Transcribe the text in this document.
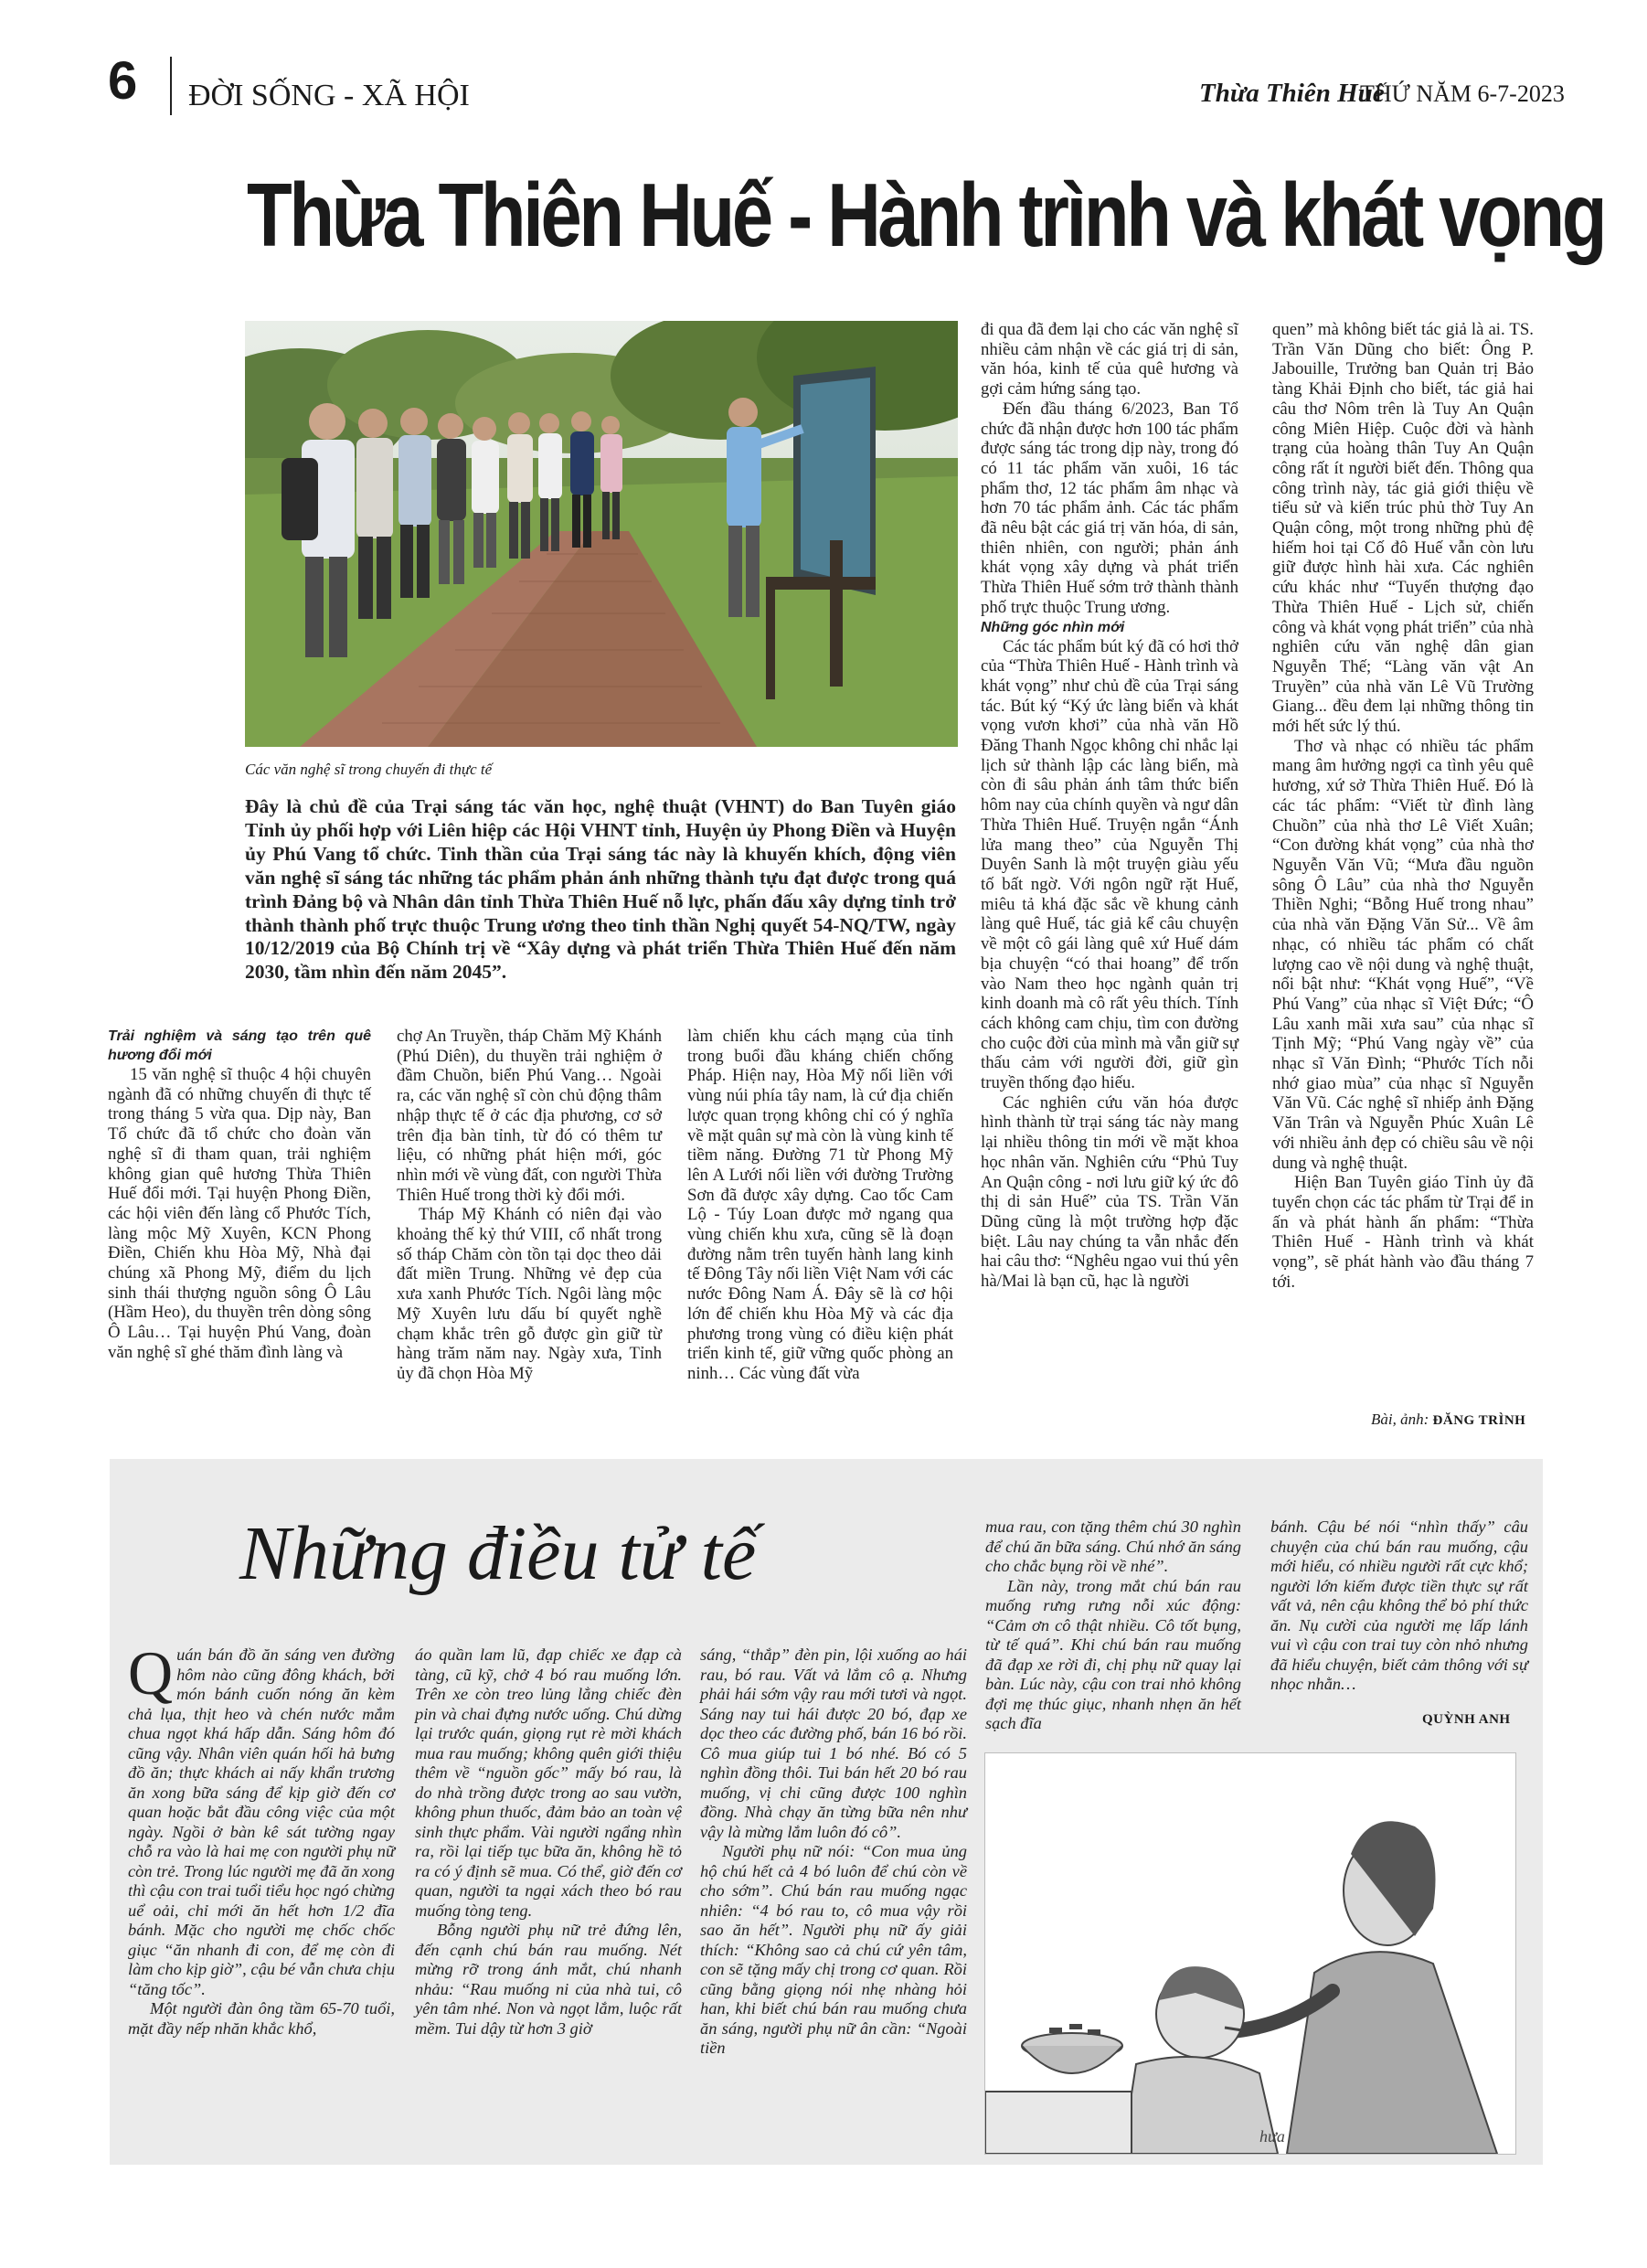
6 ĐỜI SỐNG - XÃ HỘI	Thừa Thiên Huế
THỨ NĂM 6-7-2023
Thừa Thiên Huế - Hành trình và khát vọng
Các văn nghệ sĩ trong chuyến đi thực tế
Đây là chủ đề của Trại sáng tác văn học, nghệ thuật (VHNT) do Ban Tuyên giáo Tỉnh ủy phối hợp với Liên hiệp các Hội VHNT tỉnh, Huyện ủy Phong Điền và Huyện ủy Phú Vang tổ chức. Tinh thần của Trại sáng tác này là khuyến khích, động viên văn nghệ sĩ sáng tác những tác phẩm phản ánh những thành tựu đạt được trong quá trình Đảng bộ và Nhân dân tỉnh Thừa Thiên Huế nỗ lực, phấn đấu xây dựng tỉnh trở thành thành phố trực thuộc Trung ương theo tinh thần Nghị quyết 54-NQ/TW, ngày 10/12/2019 của Bộ Chính trị về “Xây dựng và phát triển Thừa Thiên Huế đến năm 2030, tầm nhìn đến năm 2045”.

Trải nghiệm và sáng tạo trên quê hương đổi mới

15 văn nghệ sĩ thuộc 4 hội chuyên ngành đã có những chuyến đi thực tế trong tháng 5 vừa qua. Dịp này, Ban Tổ chức đã tổ chức cho đoàn văn nghệ sĩ đi tham quan, trải nghiệm không gian quê hương Thừa Thiên Huế đổi mới. Tại huyện Phong Điền, các hội viên đến làng cổ Phước Tích, làng mộc Mỹ Xuyên, KCN Phong Điền, Chiến khu Hòa Mỹ, Nhà đại chúng xã Phong Mỹ, điểm du lịch sinh thái thượng nguồn sông Ô Lâu (Hầm Heo), du thuyền trên dòng sông Ô Lâu… Tại huyện Phú Vang, đoàn văn nghệ sĩ ghé thăm đình làng và

chợ An Truyền, tháp Chăm Mỹ Khánh (Phú Diên), du thuyền trải nghiệm ở đầm Chuồn, biển Phú Vang… Ngoài ra, các văn nghệ sĩ còn chủ động thâm nhập thực tế ở các địa phương, cơ sở trên địa bàn tỉnh, từ đó có thêm tư liệu, có những phát hiện mới, góc nhìn mới về vùng đất, con người Thừa Thiên Huế trong thời kỳ đổi mới.

Tháp Mỹ Khánh có niên đại vào khoảng thế kỷ thứ VIII, cổ nhất trong số tháp Chăm còn tồn tại dọc theo dải đất miền Trung. Những vẻ đẹp của xưa xanh Phước Tích. Ngôi làng mộc Mỹ Xuyên lưu dấu bí quyết nghề chạm khắc trên gỗ được gìn giữ từ hàng trăm năm nay. Ngày xưa, Tỉnh ủy đã chọn Hòa Mỹ

làm chiến khu cách mạng của tỉnh trong buổi đầu kháng chiến chống Pháp. Hiện nay, Hòa Mỹ nối liền với vùng núi phía tây nam, là cứ địa chiến lược quan trọng không chỉ có ý nghĩa về mặt quân sự mà còn là vùng kinh tế tiềm năng. Đường 71 từ Phong Mỹ lên A Lưới nối liền với đường Trường Sơn đã được xây dựng. Cao tốc Cam Lộ - Túy Loan được mở ngang qua vùng chiến khu xưa, cũng sẽ là đoạn đường nằm trên tuyến hành lang kinh tế Đông Tây nối liền Việt Nam với các nước Đông Nam Á. Đây sẽ là cơ hội lớn để chiến khu Hòa Mỹ và các địa phương trong vùng có điều kiện phát triển kinh tế, giữ vững quốc phòng an ninh… Các vùng đất vừa

đi qua đã đem lại cho các văn nghệ sĩ nhiều cảm nhận về các giá trị di sản, văn hóa, kinh tế của quê hương và gợi cảm hứng sáng tạo.

Đến đầu tháng 6/2023, Ban Tổ chức đã nhận được hơn 100 tác phẩm được sáng tác trong dịp này, trong đó có 11 tác phẩm văn xuôi, 16 tác phẩm thơ, 12 tác phẩm âm nhạc và hơn 70 tác phẩm ảnh. Các tác phẩm đã nêu bật các giá trị văn hóa, di sản, thiên nhiên, con người; phản ánh khát vọng xây dựng và phát triển Thừa Thiên Huế sớm trở thành thành phố trực thuộc Trung ương.

Những góc nhìn mới

Các tác phẩm bút ký đã có hơi thở của “Thừa Thiên Huế - Hành trình và khát vọng” như chủ đề của Trại sáng tác. Bút ký “Ký ức làng biển và khát vọng vươn khơi” của nhà văn Hồ Đăng Thanh Ngọc không chỉ nhắc lại lịch sử thành lập các làng biển, mà còn đi sâu phản ánh tâm thức biển hôm nay của chính quyền và ngư dân Thừa Thiên Huế. Truyện ngắn “Ánh lửa mang theo” của Nguyễn Thị Duyên Sanh là một truyện giàu yếu tố bất ngờ. Với ngôn ngữ rặt Huế, miêu tả khá đặc sắc về khung cảnh làng quê Huế, tác giả kể câu chuyện về một cô gái làng quê xứ Huế dám bịa chuyện “có thai hoang” để trốn vào Nam theo học ngành quản trị kinh doanh mà cô rất yêu thích. Tính cách không cam chịu, tìm con đường cho cuộc đời của mình mà vẫn giữ sự thấu cảm với người đời, giữ gìn truyền thống đạo hiếu.

Các nghiên cứu văn hóa được hình thành từ trại sáng tác này mang lại nhiều thông tin mới về mặt khoa học nhân văn. Nghiên cứu “Phủ Tuy An Quận công - nơi lưu giữ ký ức đô thị di sản Huế” của TS. Trần Văn Dũng cũng là một trường hợp đặc biệt. Lâu nay chúng ta vẫn nhắc đến hai câu thơ: “Nghêu ngao vui thú yên hà/Mai là bạn cũ, hạc là người

quen” mà không biết tác giả là ai. TS. Trần Văn Dũng cho biết: Ông P. Jabouille, Trưởng ban Quản trị Bảo tàng Khải Định cho biết, tác giả hai câu thơ Nôm trên là Tuy An Quận công Miên Hiệp. Cuộc đời và hành trạng của hoàng thân Tuy An Quận công rất ít người biết đến. Thông qua công trình này, tác giả giới thiệu về tiểu sử và kiến trúc phủ thờ Tuy An Quận công, một trong những phủ đệ hiếm hoi tại Cố đô Huế vẫn còn lưu giữ được hình hài xưa. Các nghiên cứu khác như “Tuyến thượng đạo Thừa Thiên Huế - Lịch sử, chiến công và khát vọng phát triển” của nhà nghiên cứu văn nghệ dân gian Nguyễn Thế; “Làng văn vật An Truyền” của nhà văn Lê Vũ Trường Giang... đều đem lại những thông tin mới hết sức lý thú.

Thơ và nhạc có nhiều tác phẩm mang âm hưởng ngợi ca tình yêu quê hương, xứ sở Thừa Thiên Huế. Đó là các tác phẩm: “Viết từ đình làng Chuồn” của nhà thơ Lê Viết Xuân; “Con đường khát vọng” của nhà thơ Nguyễn Văn Vũ; “Mưa đầu nguồn sông Ô Lâu” của nhà thơ Nguyễn Thiền Nghi; “Bỗng Huế trong nhau” của nhà văn Đặng Văn Sử... Về âm nhạc, có nhiều tác phẩm có chất lượng cao về nội dung và nghệ thuật, nổi bật như: “Khát vọng Huế”, “Về Phú Vang” của nhạc sĩ Việt Đức; “Ô Lâu xanh mãi xưa sau” của nhạc sĩ Tịnh Mỹ; “Phú Vang ngày về” của nhạc sĩ Văn Đình; “Phước Tích nỗi nhớ giao mùa” của nhạc sĩ Nguyễn Văn Vũ. Các nghệ sĩ nhiếp ảnh Đặng Văn Trân và Nguyễn Phúc Xuân Lê với nhiều ảnh đẹp có chiều sâu về nội dung và nghệ thuật.

Hiện Ban Tuyên giáo Tỉnh ủy đã tuyển chọn các tác phẩm từ Trại để in ấn và phát hành ấn phẩm: “Thừa Thiên Huế - Hành trình và khát vọng”, sẽ phát hành vào đầu tháng 7 tới.

Bài, ảnh: ĐĂNG TRÌNH
Những điều tử tế

Quán bán đồ ăn sáng ven đường hôm nào cũng đông khách, bởi món bánh cuốn nóng ăn kèm chả lụa, thịt heo và chén nước mắm chua ngọt khá hấp dẫn. Sáng hôm đó cũng vậy. Nhân viên quán hối hả bưng đồ ăn; thực khách ai nấy khẩn trương ăn xong bữa sáng để kịp giờ đến cơ quan hoặc bắt đầu công việc của một ngày. Ngồi ở bàn kê sát tường ngay chỗ ra vào là hai mẹ con người phụ nữ còn trẻ. Trong lúc người mẹ đã ăn xong thì cậu con trai tuổi tiểu học ngó chừng uể oải, chỉ mới ăn hết hơn 1/2 đĩa bánh. Mặc cho người mẹ chốc chốc giục “ăn nhanh đi con, để mẹ còn đi làm cho kịp giờ”, cậu bé vẫn chưa chịu “tăng tốc”.

Một người đàn ông tầm 65-70 tuổi, mặt đầy nếp nhăn khắc khổ,

áo quần lam lũ, đạp chiếc xe đạp cà tàng, cũ kỹ, chở 4 bó rau muống lớn. Trên xe còn treo lủng lẳng chiếc đèn pin và chai đựng nước uống. Chú dừng lại trước quán, giọng rụt rè mời khách mua rau muống; không quên giới thiệu thêm về “nguồn gốc” mấy bó rau, là do nhà trồng được trong ao sau vườn, không phun thuốc, đảm bảo an toàn vệ sinh thực phẩm. Vài người ngẩng nhìn ra, rồi lại tiếp tục bữa ăn, không hề tỏ ra có ý định sẽ mua. Có thể, giờ đến cơ quan, người ta ngại xách theo bó rau muống tòng teng.

Bỗng người phụ nữ trẻ đứng lên, đến cạnh chú bán rau muống. Nét mừng rỡ trong ánh mắt, chú nhanh nhảu: “Rau muống ni của nhà tui, cô yên tâm nhé. Non và ngọt lắm, luộc rất mềm. Tui dậy từ hơn 3 giờ

sáng, “thắp” đèn pin, lội xuống ao hái rau, bó rau. Vất vả lắm cô ạ. Nhưng phải hái sớm vậy rau mới tươi và ngọt. Sáng nay tui hái được 20 bó, đạp xe dọc theo các đường phố, bán 16 bó rồi. Cô mua giúp tui 1 bó nhé. Bó có 5 nghìn đồng thôi. Tui bán hết 20 bó rau muống, vị chi cũng được 100 nghìn đồng. Nhà chạy ăn từng bữa nên như vậy là mừng lắm luôn đó cô”.

Người phụ nữ nói: “Con mua ủng hộ chú hết cả 4 bó luôn để chú còn về cho sớm”. Chú bán rau muống ngạc nhiên: “4 bó rau to, cô mua vậy rồi sao ăn hết”. Người phụ nữ ấy giải thích: “Không sao cả chú cứ yên tâm, con sẽ tặng mấy chị trong cơ quan. Rồi cũng bằng giọng nói nhẹ nhàng hỏi han, khi biết chú bán rau muống chưa ăn sáng, người phụ nữ ân cần: “Ngoài tiền

mua rau, con tặng thêm chú 30 nghìn để chú ăn bữa sáng. Chú nhớ ăn sáng cho chắc bụng rồi về nhé”.

Lần này, trong mắt chú bán rau muống rưng rưng nỗi xúc động: “Cảm ơn cô thật nhiều. Cô tốt bụng, từ tế quá”. Khi chú bán rau muống đã đạp xe rời đi, chị phụ nữ quay lại bàn. Lúc này, cậu con trai nhỏ không đợi mẹ thúc giục, nhanh nhẹn ăn hết sạch đĩa

bánh. Cậu bé nói “nhìn thấy” câu chuyện của chú bán rau muống, cậu mới hiểu, có nhiều người rất cực khổ; người lớn kiếm được tiền thực sự rất vất vả, nên cậu không thể bỏ phí thức ăn. Nụ cười của người mẹ lấp lánh vui vì cậu con trai tuy còn nhỏ nhưng đã hiểu chuyện, biết cảm thông với sự nhọc nhằn…

QUỲNH ANH
hưa
